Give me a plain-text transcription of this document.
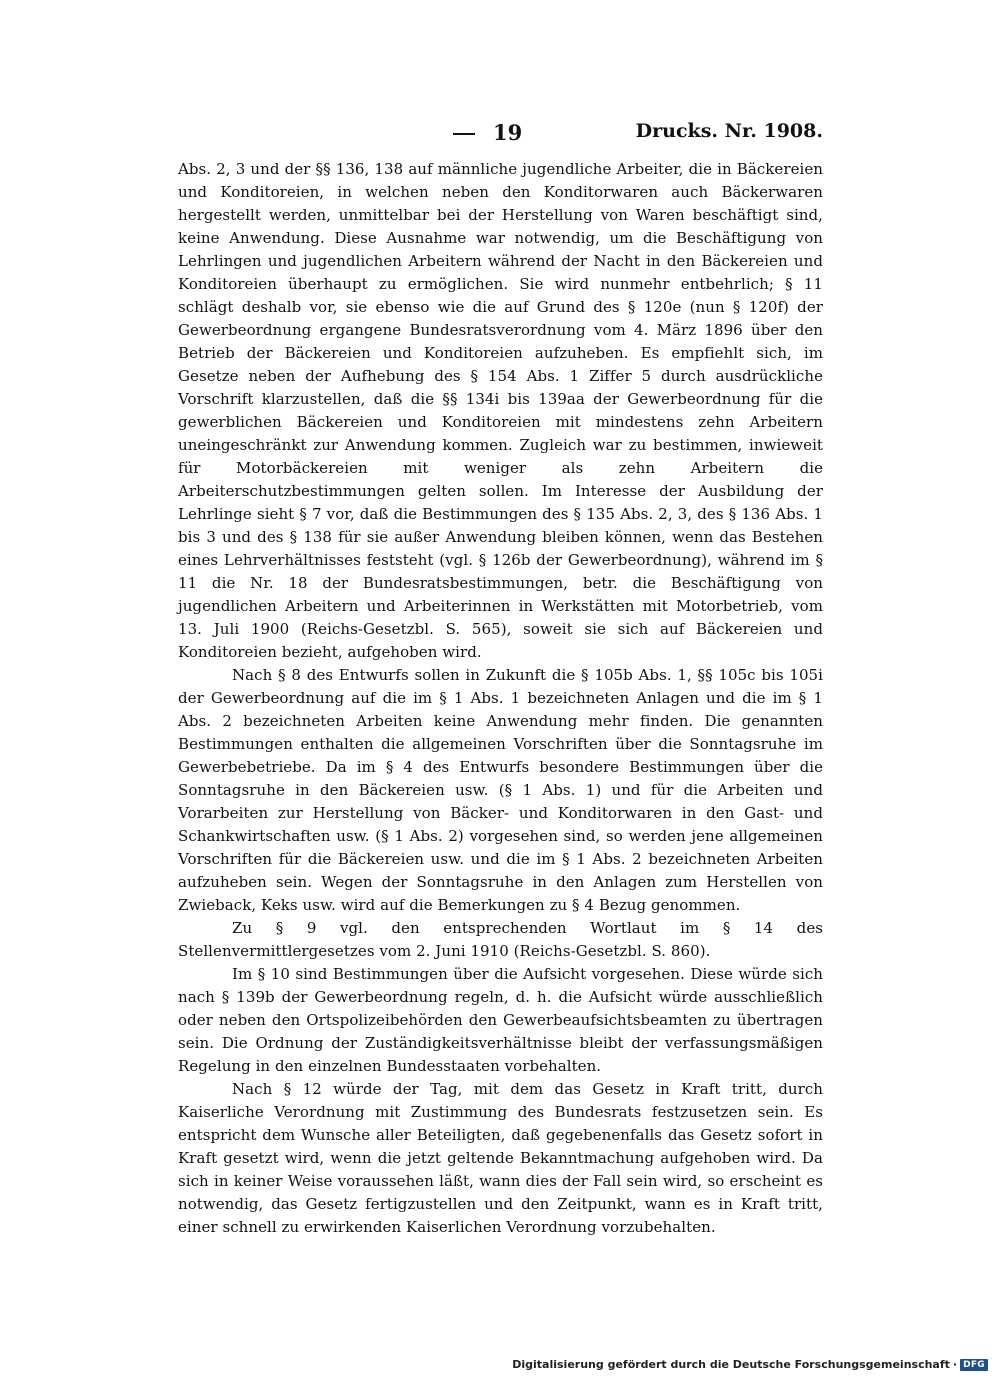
19	Drucks. Nr. 1908.

Abs. 2, 3 und der §§ 136, 138 auf männliche jugendliche Arbeiter, die in Bäckereien und Konditoreien, in welchen neben den Konditorwaren auch Bäckerwaren hergestellt werden, unmittelbar bei der Herstellung von Waren beschäftigt sind, keine Anwendung. Diese Ausnahme war notwendig, um die Beschäftigung von Lehrlingen und jugendlichen Arbeitern während der Nacht in den Bäckereien und Konditoreien überhaupt zu ermöglichen. Sie wird nunmehr entbehrlich; § 11 schlägt deshalb vor, sie ebenso wie die auf Grund des § 120e (nun § 120f) der Gewerbeordnung ergangene Bundesratsverordnung vom 4. März 1896 über den Betrieb der Bäckereien und Konditoreien aufzuheben. Es empfiehlt sich, im Gesetze neben der Aufhebung des § 154 Abs. 1 Ziffer 5 durch ausdrückliche Vorschrift klarzustellen, daß die §§ 134i bis 139aa der Gewerbeordnung für die gewerblichen Bäckereien und Konditoreien mit mindestens zehn Arbeitern uneingeschränkt zur Anwendung kommen. Zugleich war zu bestimmen, inwieweit für Motorbäckereien mit weniger als zehn Arbeitern die Arbeiterschutzbestimmungen gelten sollen. Im Interesse der Ausbildung der Lehrlinge sieht § 7 vor, daß die Bestimmungen des § 135 Abs. 2, 3, des § 136 Abs. 1 bis 3 und des § 138 für sie außer Anwendung bleiben können, wenn das Bestehen eines Lehrverhältnisses feststeht (vgl. § 126b der Gewerbeordnung), während im § 11 die Nr. 18 der Bundesratsbestimmungen, betr. die Beschäftigung von jugendlichen Arbeitern und Arbeiterinnen in Werkstätten mit Motorbetrieb, vom 13. Juli 1900 (Reichs-Gesetzbl. S. 565), soweit sie sich auf Bäckereien und Konditoreien bezieht, aufgehoben wird.

Nach § 8 des Entwurfs sollen in Zukunft die § 105b Abs. 1, §§ 105c bis 105i der Gewerbeordnung auf die im § 1 Abs. 1 bezeichneten Anlagen und die im § 1 Abs. 2 bezeichneten Arbeiten keine Anwendung mehr finden. Die genannten Bestimmungen enthalten die allgemeinen Vorschriften über die Sonntagsruhe im Gewerbebetriebe. Da im § 4 des Entwurfs besondere Bestimmungen über die Sonntagsruhe in den Bäckereien usw. (§ 1 Abs. 1) und für die Arbeiten und Vorarbeiten zur Herstellung von Bäcker- und Konditorwaren in den Gast- und Schankwirtschaften usw. (§ 1 Abs. 2) vorgesehen sind, so werden jene allgemeinen Vorschriften für die Bäckereien usw. und die im § 1 Abs. 2 bezeichneten Arbeiten aufzuheben sein. Wegen der Sonntagsruhe in den Anlagen zum Herstellen von Zwieback, Keks usw. wird auf die Bemerkungen zu § 4 Bezug genommen.

Zu § 9 vgl. den entsprechenden Wortlaut im § 14 des Stellenvermittlergesetzes vom 2. Juni 1910 (Reichs-Gesetzbl. S. 860).

Im § 10 sind Bestimmungen über die Aufsicht vorgesehen. Diese würde sich nach § 139b der Gewerbeordnung regeln, d. h. die Aufsicht würde ausschließlich oder neben den Ortspolizeibehörden den Gewerbeaufsichtsbeamten zu übertragen sein. Die Ordnung der Zuständigkeitsverhältnisse bleibt der verfassungsmäßigen Regelung in den einzelnen Bundesstaaten vorbehalten.

Nach § 12 würde der Tag, mit dem das Gesetz in Kraft tritt, durch Kaiserliche Verordnung mit Zustimmung des Bundesrats festzusetzen sein. Es entspricht dem Wunsche aller Beteiligten, daß gegebenenfalls das Gesetz sofort in Kraft gesetzt wird, wenn die jetzt geltende Bekanntmachung aufgehoben wird. Da sich in keiner Weise voraussehen läßt, wann dies der Fall sein wird, so erscheint es notwendig, das Gesetz fertigzustellen und den Zeitpunkt, wann es in Kraft tritt, einer schnell zu erwirkenden Kaiserlichen Verordnung vorzubehalten.

Digitalisierung gefördert durch die Deutsche Forschungsgemeinschaft · DFG
